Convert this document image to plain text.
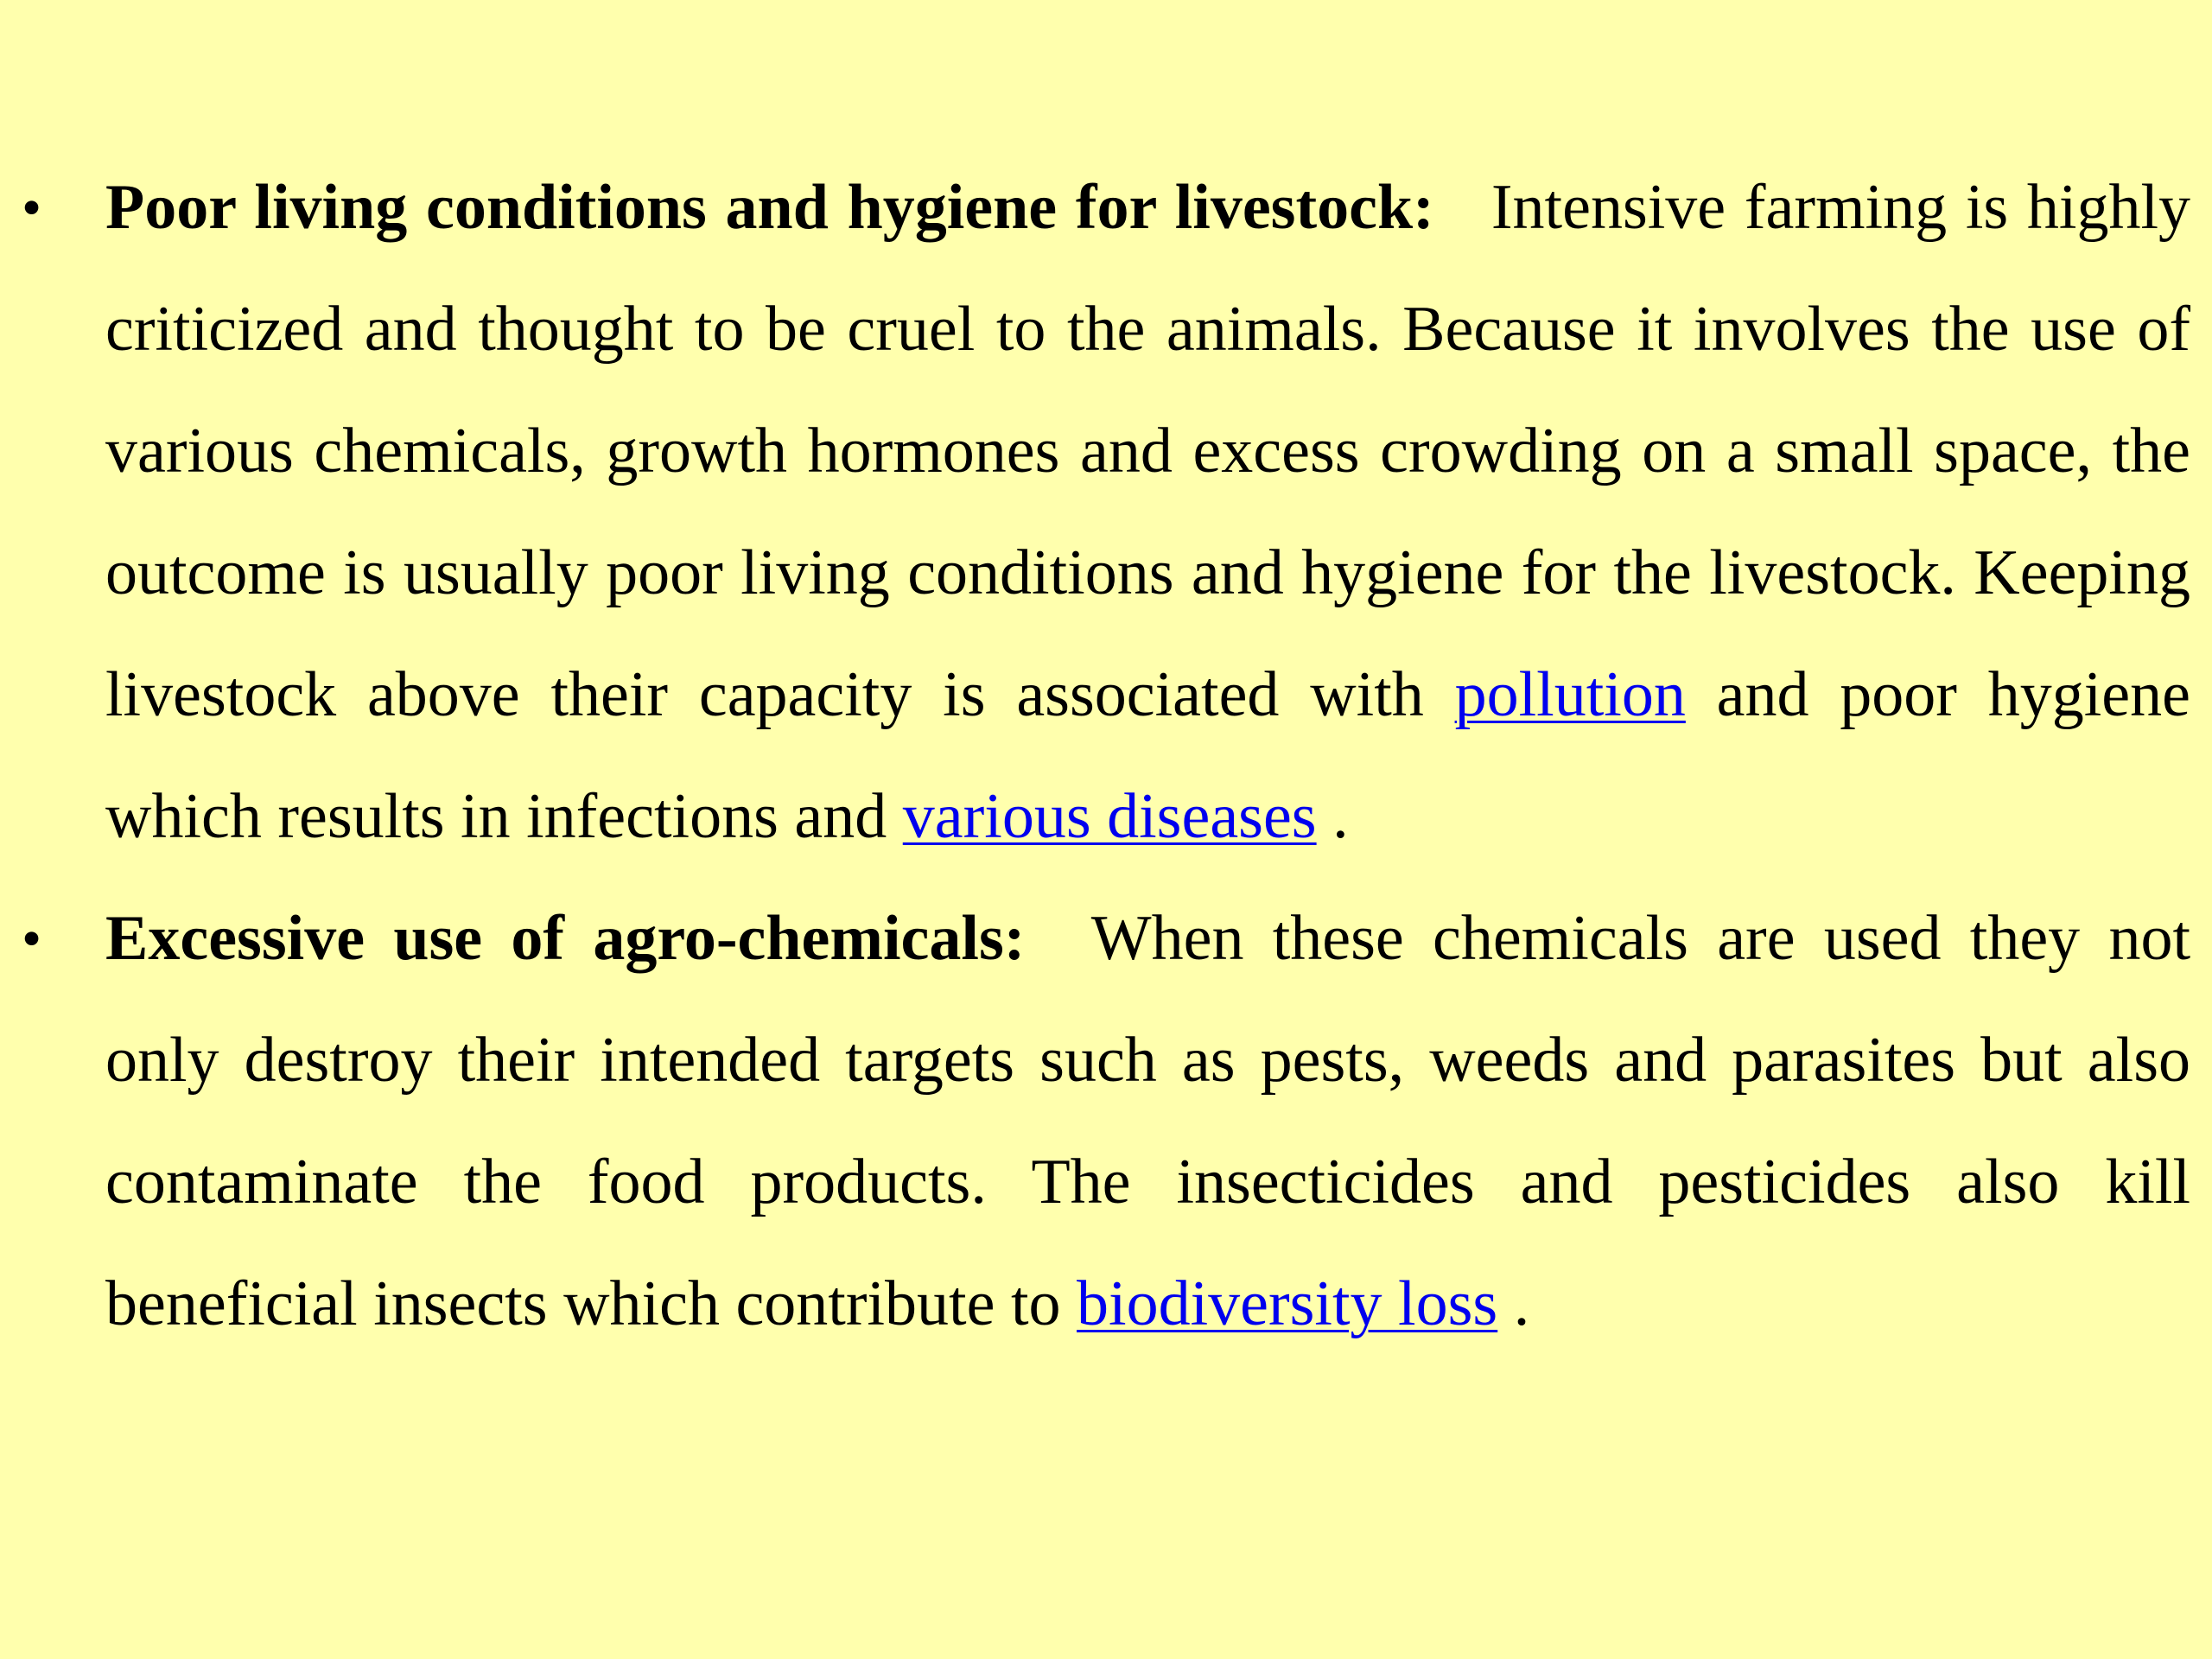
• Poor living conditions and hygiene for livestock: Intensive farming is highly criticized and thought to be cruel to the animals. Because it involves the use of various chemicals, growth hormones and excess crowding on a small space, the outcome is usually poor living conditions and hygiene for the livestock. Keeping livestock above their capacity is associated with pollution and poor hygiene which results in infections and various diseases .
• Excessive use of agro-chemicals: When these chemicals are used they not only destroy their intended targets such as pests, weeds and parasites but also contaminate the food products. The insecticides and pesticides also kill beneficial insects which contribute to biodiversity loss .
